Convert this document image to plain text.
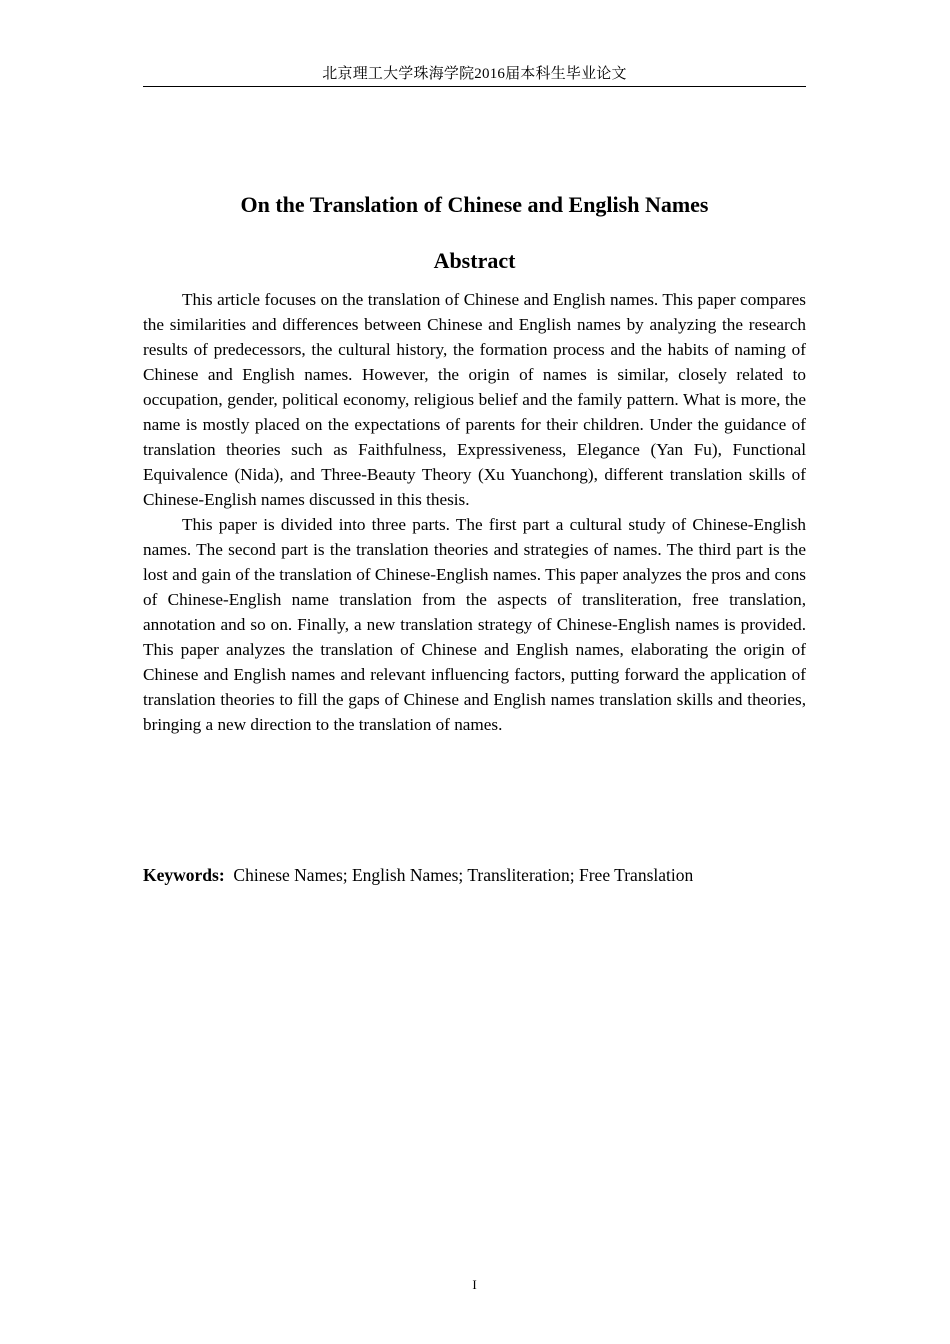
北京理工大学珠海学院2016届本科生毕业论文
On the Translation of Chinese and English Names
Abstract

This article focuses on the translation of Chinese and English names. This paper compares the similarities and differences between Chinese and English names by analyzing the research results of predecessors, the cultural history, the formation process and the habits of naming of Chinese and English names. However, the origin of names is similar, closely related to occupation, gender, political economy, religious belief and the family pattern. What is more, the name is mostly placed on the expectations of parents for their children. Under the guidance of translation theories such as Faithfulness, Expressiveness, Elegance (Yan Fu), Functional Equivalence (Nida), and Three-Beauty Theory (Xu Yuanchong), different translation skills of Chinese-English names discussed in this thesis.

This paper is divided into three parts. The first part a cultural study of Chinese-English names. The second part is the translation theories and strategies of names. The third part is the lost and gain of the translation of Chinese-English names. This paper analyzes the pros and cons of Chinese-English name translation from the aspects of transliteration, free translation, annotation and so on. Finally, a new translation strategy of Chinese-English names is provided. This paper analyzes the translation of Chinese and English names, elaborating the origin of Chinese and English names and relevant influencing factors, putting forward the application of translation theories to fill the gaps of Chinese and English names translation skills and theories, bringing a new direction to the translation of names.

Keywords: Chinese Names; English Names; Transliteration; Free Translation
I
